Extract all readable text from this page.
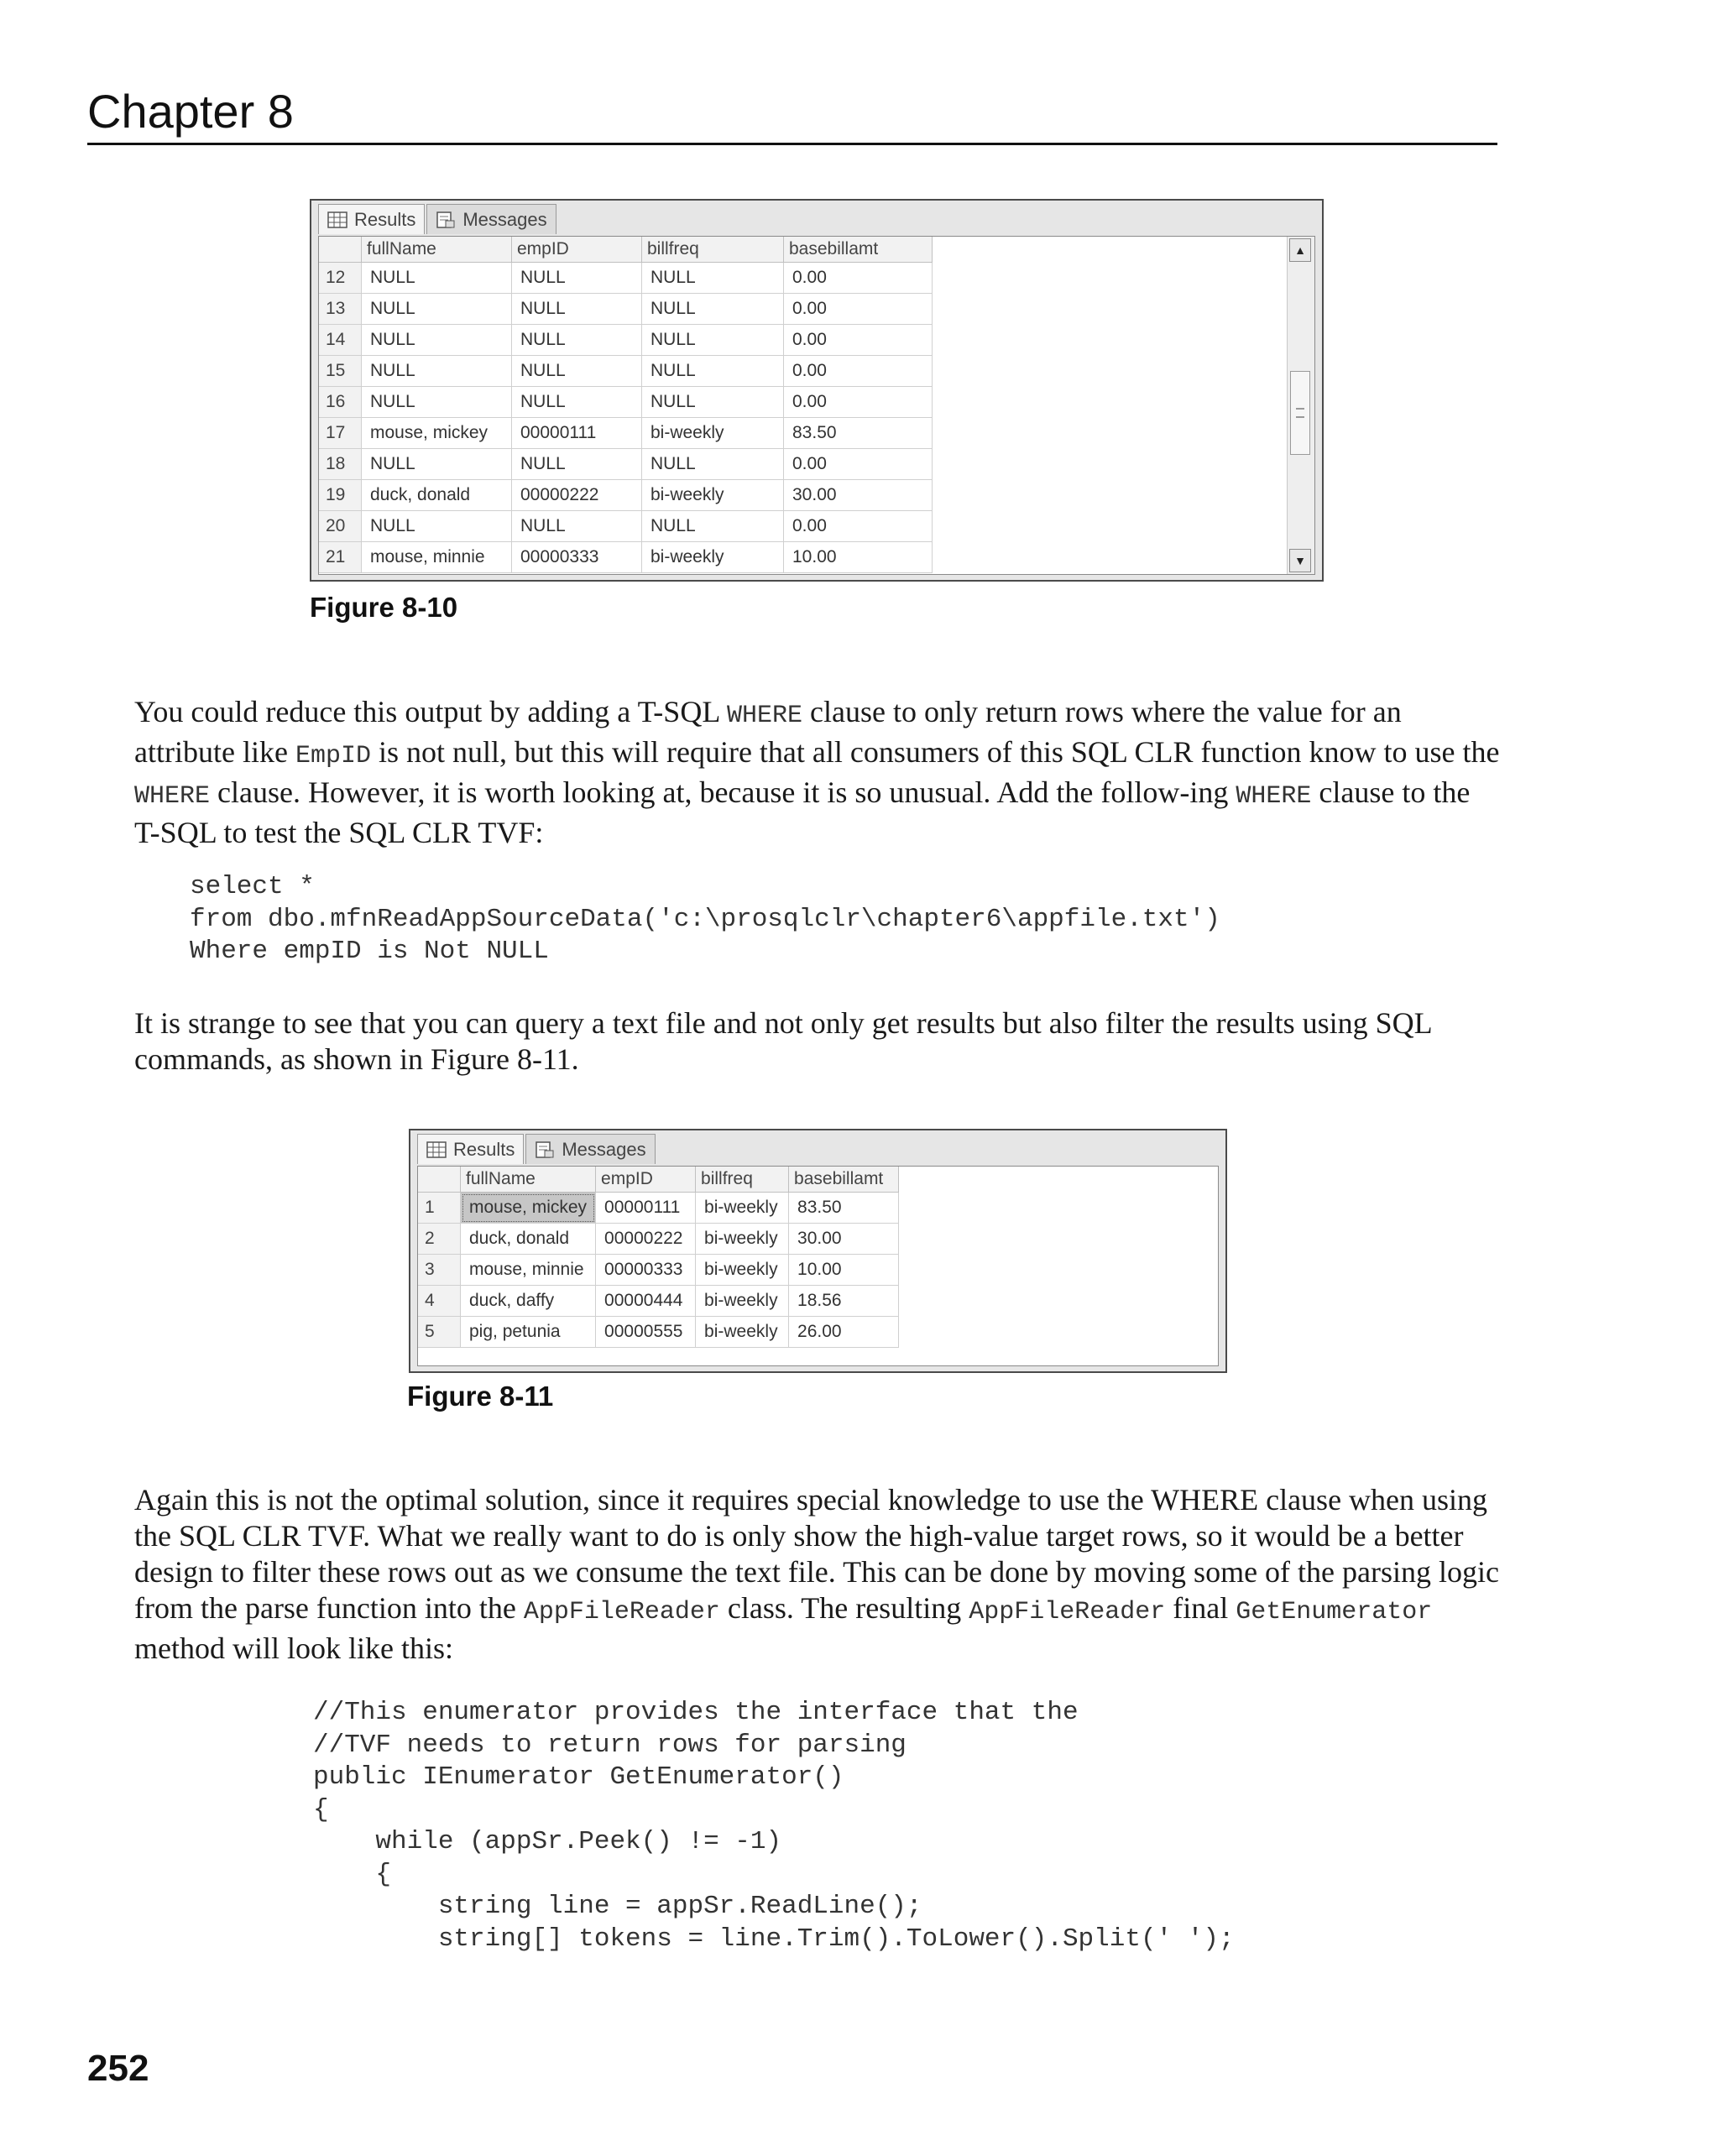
Chapter 8
Results	Messages
	fullName	empID	billfreq	basebillamt
12	NULL	NULL	NULL	0.00
13	NULL	NULL	NULL	0.00
14	NULL	NULL	NULL	0.00
15	NULL	NULL	NULL	0.00
16	NULL	NULL	NULL	0.00
17	mouse, mickey	00000111	bi-weekly	83.50
18	NULL	NULL	NULL	0.00
19	duck, donald	00000222	bi-weekly	30.00
20	NULL	NULL	NULL	0.00
21	mouse, minnie	00000333	bi-weekly	10.00
▲
▼
Figure 8-10

You could reduce this output by adding a T-SQL WHERE clause to only return rows where the value for an attribute like EmpID is not null, but this will require that all consumers of this SQL CLR function know to use the WHERE clause. However, it is worth looking at, because it is so unusual. Add the follow-ing WHERE clause to the T-SQL to test the SQL CLR TVF:

select *
from dbo.mfnReadAppSourceData('c:\prosqlclr\chapter6\appfile.txt')
Where empID is Not NULL

It is strange to see that you can query a text file and not only get results but also filter the results using SQL commands, as shown in Figure 8-11.

Results	Messages
	fullName	empID	billfreq	basebillamt
1	mouse, mickey	00000111	bi-weekly	83.50
2	duck, donald	00000222	bi-weekly	30.00
3	mouse, minnie	00000333	bi-weekly	10.00
4	duck, daffy	00000444	bi-weekly	18.56
5	pig, petunia	00000555	bi-weekly	26.00
Figure 8-11

Again this is not the optimal solution, since it requires special knowledge to use the WHERE clause when using the SQL CLR TVF. What we really want to do is only show the high-value target rows, so it would be a better design to filter these rows out as we consume the text file. This can be done by moving some of the parsing logic from the parse function into the AppFileReader class. The resulting AppFileReader final GetEnumerator method will look like this:

//This enumerator provides the interface that the
//TVF needs to return rows for parsing
public IEnumerator GetEnumerator()
{
while (appSr.Peek() != -1)
{
string line = appSr.ReadLine();
string[] tokens = line.Trim().ToLower().Split(' ');
252
